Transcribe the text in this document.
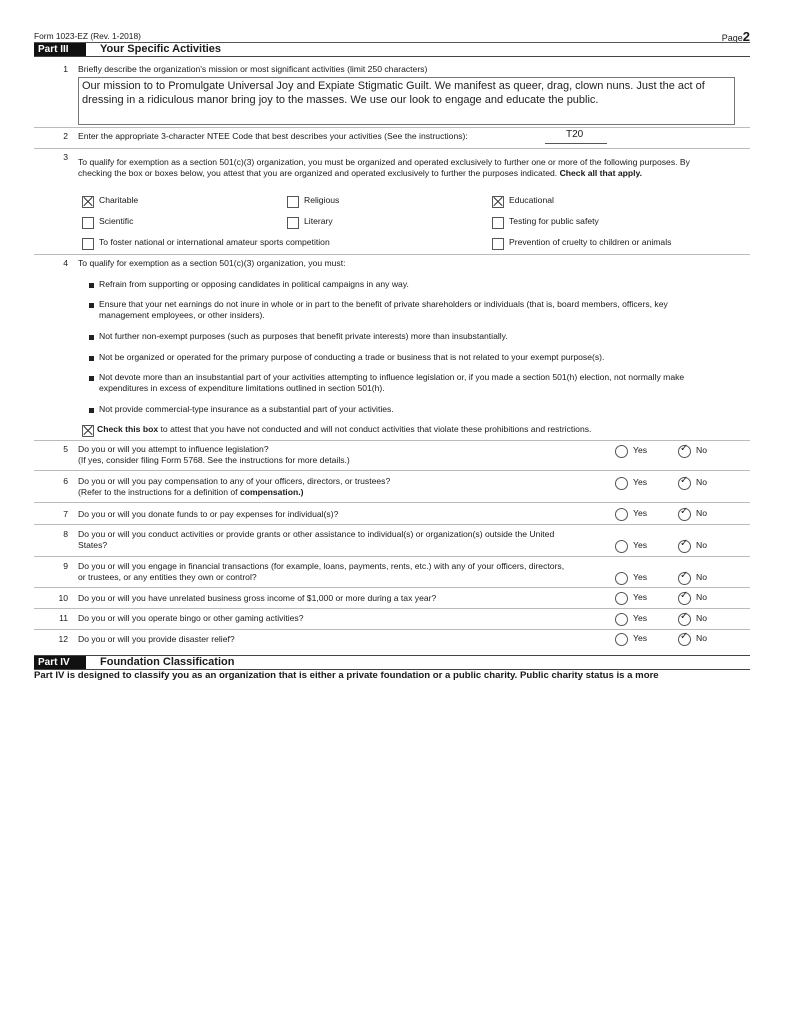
Form 1023-EZ (Rev. 1-2018)	Page2
Part III	Your Specific Activities
1 Briefly describe the organization's mission or most significant activities (limit 250 characters)
Our mission to to Promulgate Universal Joy and Expiate Stigmatic Guilt. We manifest as queer, drag, clown nuns. Just the act of dressing in a ridiculous manor bring joy to the masses. We use our look to engage and educate the public.
2 Enter the appropriate 3-character NTEE Code that best describes your activities (See the instructions):	T20
3 To qualify for exemption as a section 501(c)(3) organization, you must be organized and operated exclusively to further one or more of the following purposes. By
checking the box or boxes below, you attest that you are organized and operated exclusively to further the purposes indicated. Check all that apply.
Charitable	Religious	Educational
Scientific	Literary	Testing for public safety
To foster national or international amateur sports competition	Prevention of cruelty to children or animals
4 To qualify for exemption as a section 501(c)(3) organization, you must:
Refrain from supporting or opposing candidates in political campaigns in any way.
Ensure that your net earnings do not inure in whole or in part to the benefit of private shareholders or individuals (that is, board members, officers, key
management employees, or other insiders).
Not further non-exempt purposes (such as purposes that benefit private interests) more than insubstantially.
Not be organized or operated for the primary purpose of conducting a trade or business that is not related to your exempt purpose(s).
Not devote more than an insubstantial part of your activities attempting to influence legislation or, if you made a section 501(h) election, not normally make
expenditures in excess of expenditure limitations outlined in section 501(h).
Not provide commercial-type insurance as a substantial part of your activities.
Check this box to attest that you have not conducted and will not conduct activities that violate these prohibitions and restrictions.
5 Do you or will you attempt to influence legislation?
(If yes, consider filing Form 5768. See the instructions for more details.)
Yes ✓	No
6 Do you or will you pay compensation to any of your officers, directors, or trustees?
(Refer to the instructions for a definition of compensation.)
Yes ✓	No
7 Do you or will you donate funds to or pay expenses for individual(s)?	Yes ✓	No
8 Do you or will you conduct activities or provide grants or other assistance to individual(s) or organization(s) outside the United
States?	Yes ✓	No
9 Do you or will you engage in financial transactions (for example, loans, payments, rents, etc.) with any of your officers, directors,
or trustees, or any entities they own or control?	Yes ✓	No
10 Do you or will you have unrelated business gross income of $1,000 or more during a tax year?	Yes ✓	No
11 Do you or will you operate bingo or other gaming activities?	Yes ✓	No
12 Do you or will you provide disaster relief?	Yes ✓	No
Part IV	Foundation Classification
Part IV is designed to classify you as an organization that is either a private foundation or a public charity. Public charity status is a more
